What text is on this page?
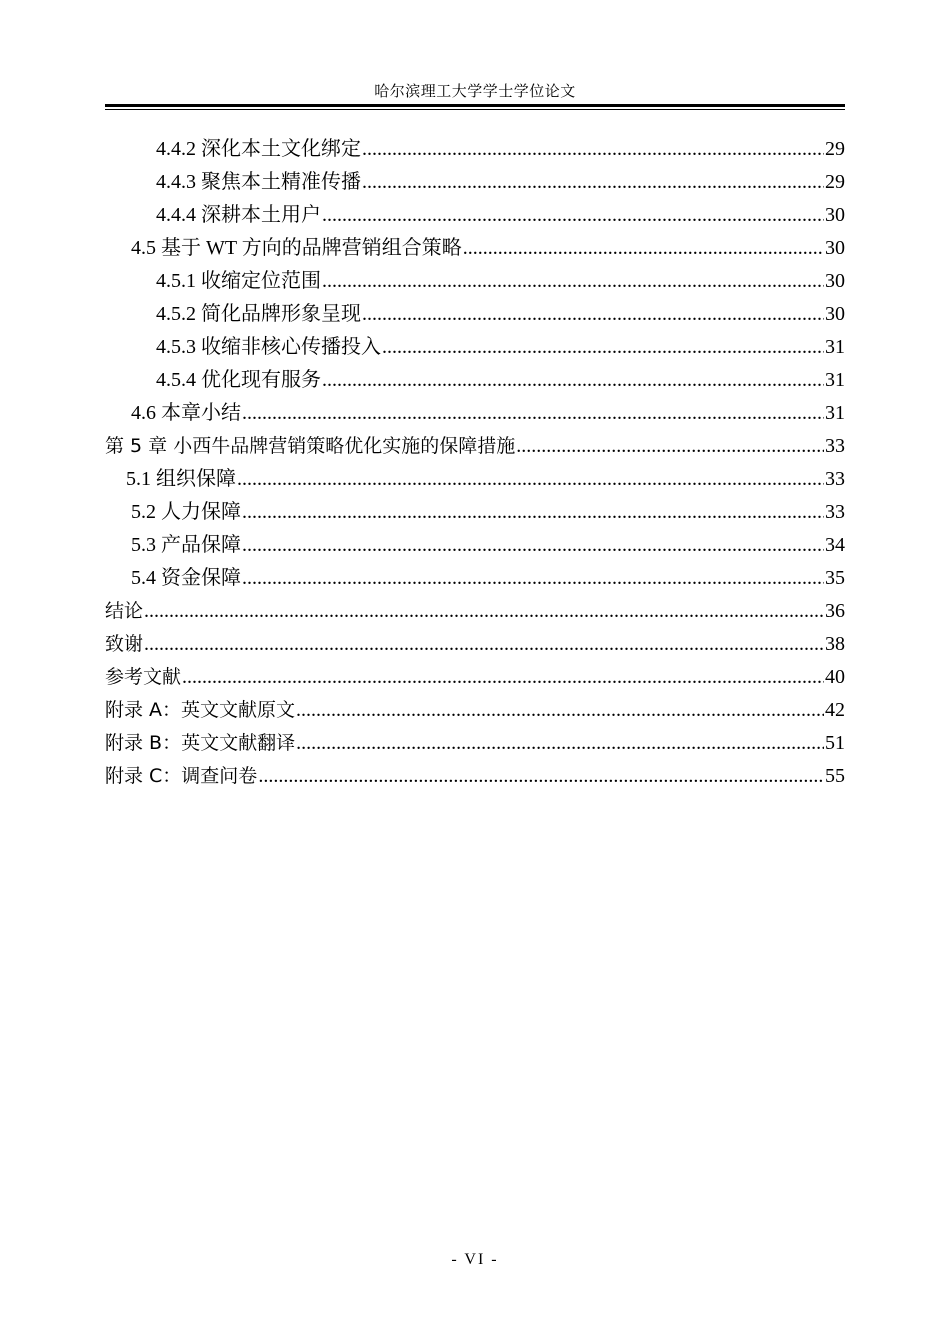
哈尔滨理工大学学士学位论文
4.4.2 深化本土文化绑定 .....	29
4.4.3 聚焦本土精准传播 .....	29
4.4.4 深耕本土用户 .....	30
4.5 基于 WT 方向的品牌营销组合策略 .....	30
4.5.1 收缩定位范围 .....	30
4.5.2 简化品牌形象呈现 .....	30
4.5.3 收缩非核心传播投入 .....	31
4.5.4 优化现有服务 .....	31
4.6 本章小结 .....	31
第 5 章 小西牛品牌营销策略优化实施的保障措施 .....	33
5.1 组织保障 .....	33
5.2 人力保障 .....	33
5.3 产品保障 .....	34
5.4 资金保障 .....	35
结论 .....	36
致谢 .....	38
参考文献 .....	40
附录 A：英文文献原文 .....	42
附录 B：英文文献翻译 .....	51
附录 C：调查问卷 .....	55
- VI -
